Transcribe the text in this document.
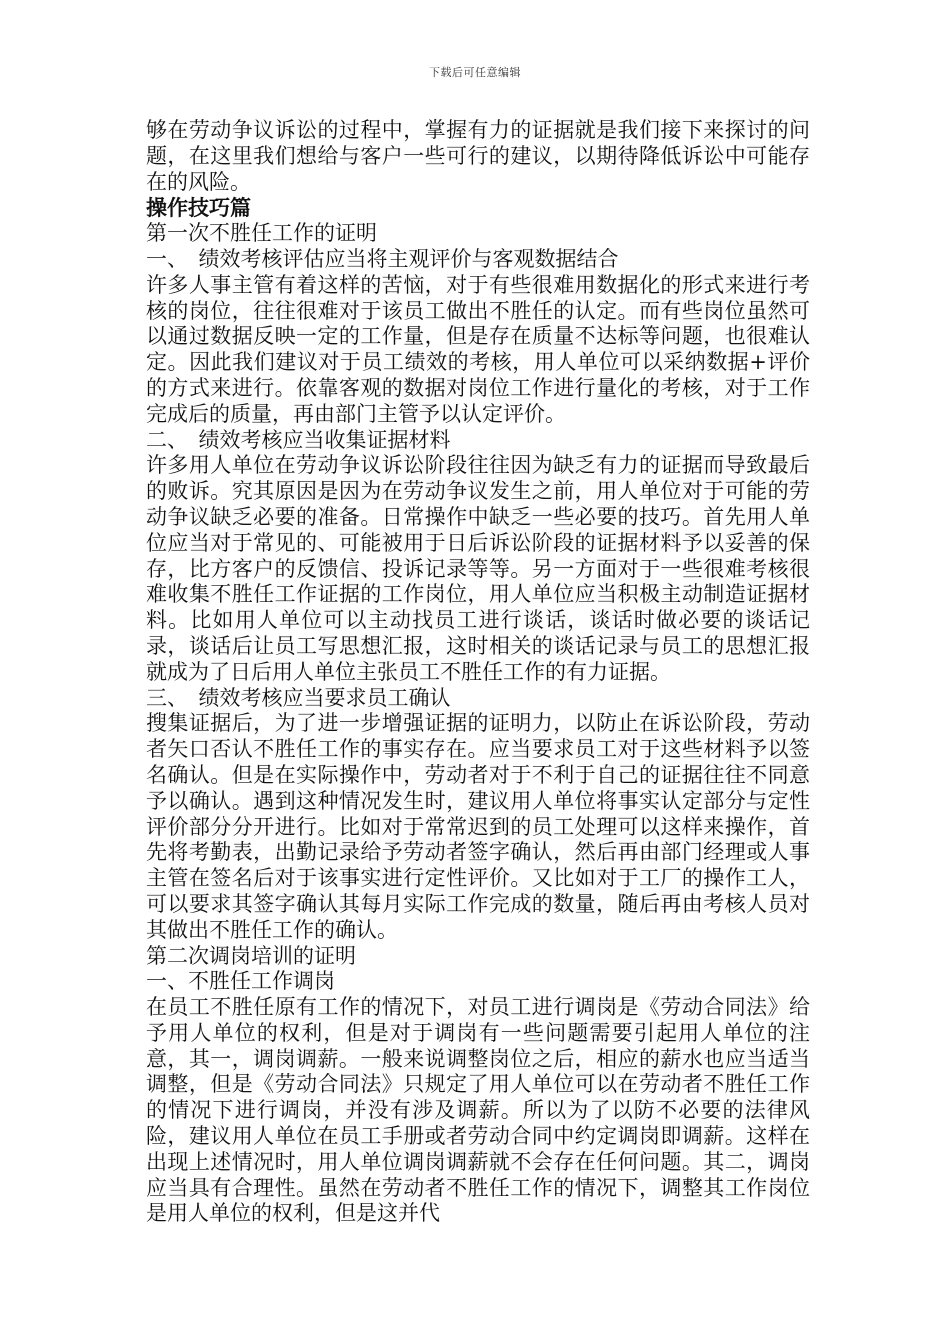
下载后可任意编辑

够在劳动争议诉讼的过程中，掌握有力的证据就是我们接下来探讨的问题，在这里我们想给与客户一些可行的建议，以期待降低诉讼中可能存在的风险。

操作技巧篇

第一次不胜任工作的证明

一、　绩效考核评估应当将主观评价与客观数据结合

许多人事主管有着这样的苦恼，对于有些很难用数据化的形式来进行考核的岗位，往往很难对于该员工做出不胜任的认定。而有些岗位虽然可以通过数据反映一定的工作量，但是存在质量不达标等问题，也很难认定。因此我们建议对于员工绩效的考核，用人单位可以采纳数据+评价的方式来进行。依靠客观的数据对岗位工作进行量化的考核，对于工作完成后的质量，再由部门主管予以认定评价。

二、　绩效考核应当收集证据材料

许多用人单位在劳动争议诉讼阶段往往因为缺乏有力的证据而导致最后的败诉。究其原因是因为在劳动争议发生之前，用人单位对于可能的劳动争议缺乏必要的准备。日常操作中缺乏一些必要的技巧。首先用人单位应当对于常见的、可能被用于日后诉讼阶段的证据材料予以妥善的保存，比方客户的反馈信、投诉记录等等。另一方面对于一些很难考核很难收集不胜任工作证据的工作岗位，用人单位应当积极主动制造证据材料。比如用人单位可以主动找员工进行谈话，谈话时做必要的谈话记录，谈话后让员工写思想汇报，这时相关的谈话记录与员工的思想汇报就成为了日后用人单位主张员工不胜任工作的有力证据。

三、　绩效考核应当要求员工确认

搜集证据后，为了进一步增强证据的证明力，以防止在诉讼阶段，劳动者矢口否认不胜任工作的事实存在。应当要求员工对于这些材料予以签名确认。但是在实际操作中，劳动者对于不利于自己的证据往往不同意予以确认。遇到这种情况发生时，建议用人单位将事实认定部分与定性评价部分分开进行。比如对于常常迟到的员工处理可以这样来操作，首先将考勤表，出勤记录给予劳动者签字确认，然后再由部门经理或人事主管在签名后对于该事实进行定性评价。又比如对于工厂的操作工人，可以要求其签字确认其每月实际工作完成的数量，随后再由考核人员对其做出不胜任工作的确认。

第二次调岗培训的证明

一、不胜任工作调岗

在员工不胜任原有工作的情况下，对员工进行调岗是《劳动合同法》给予用人单位的权利，但是对于调岗有一些问题需要引起用人单位的注意，其一，调岗调薪。一般来说调整岗位之后，相应的薪水也应当适当调整，但是《劳动合同法》只规定了用人单位可以在劳动者不胜任工作的情况下进行调岗，并没有涉及调薪。所以为了以防不必要的法律风险，建议用人单位在员工手册或者劳动合同中约定调岗即调薪。这样在出现上述情况时，用人单位调岗调薪就不会存在任何问题。其二，调岗应当具有合理性。虽然在劳动者不胜任工作的情况下，调整其工作岗位是用人单位的权利，但是这并代
